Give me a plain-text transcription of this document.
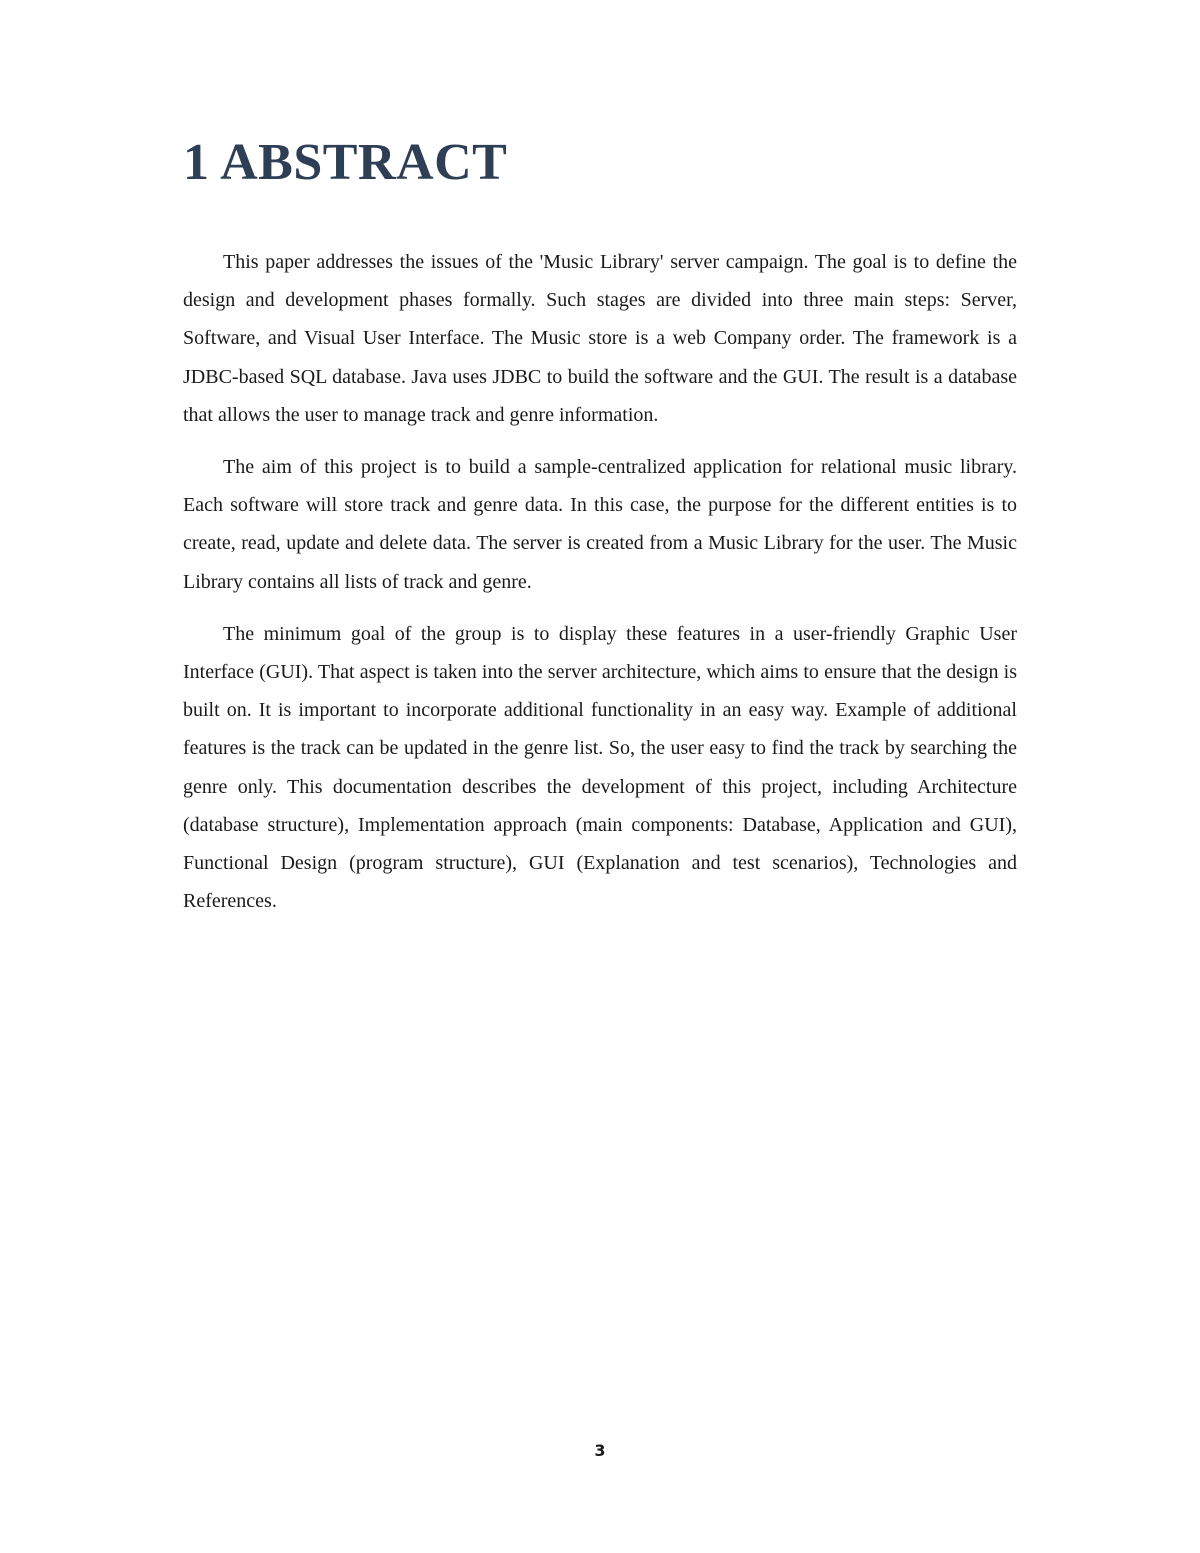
1 ABSTRACT

This paper addresses the issues of the 'Music Library' server campaign. The goal is to define the design and development phases formally. Such stages are divided into three main steps: Server, Software, and Visual User Interface. The Music store is a web Company order. The framework is a JDBC-based SQL database. Java uses JDBC to build the software and the GUI. The result is a database that allows the user to manage track and genre information.

The aim of this project is to build a sample-centralized application for relational music library. Each software will store track and genre data. In this case, the purpose for the different entities is to create, read, update and delete data. The server is created from a Music Library for the user. The Music Library contains all lists of track and genre.

The minimum goal of the group is to display these features in a user-friendly Graphic User Interface (GUI). That aspect is taken into the server architecture, which aims to ensure that the design is built on. It is important to incorporate additional functionality in an easy way. Example of additional features is the track can be updated in the genre list. So, the user easy to find the track by searching the genre only. This documentation describes the development of this project, including Architecture (database structure), Implementation approach (main components: Database, Application and GUI), Functional Design (program structure), GUI (Explanation and test scenarios), Technologies and References.

3
